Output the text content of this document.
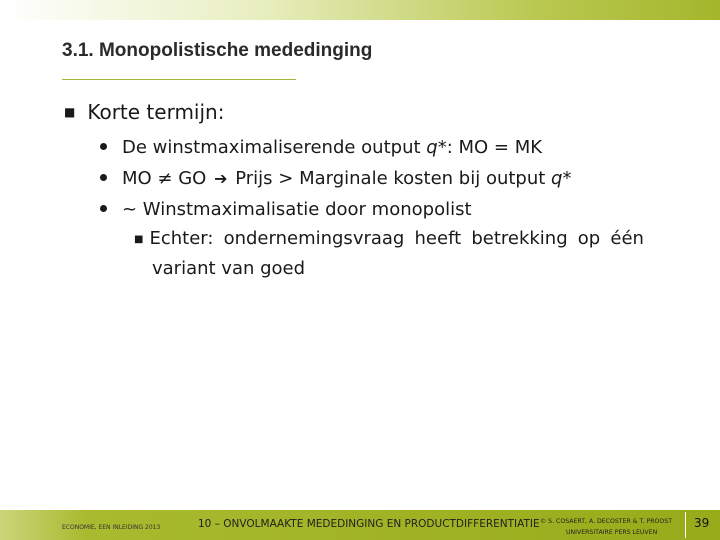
3.1. Monopolistische mededinging
■ Korte termijn:
De winstmaximaliserende output q*: MO = MK
MO ≠ GO ➔ Prijs > Marginale kosten bij output q*
~ Winstmaximalisatie door monopolist
■ Echter: ondernemingsvraag heeft betrekking op één
variant van goed
ECONOMIE, EEN INLEIDING 2013	10 – ONVOLMAAKTE MEDEDINGING EN PRODUCTDIFFERENTIATIE © S. COSAERT, A. DECOSTER & T. PROOST
UNIVERSITAIRE PERS LEUVEN
39
